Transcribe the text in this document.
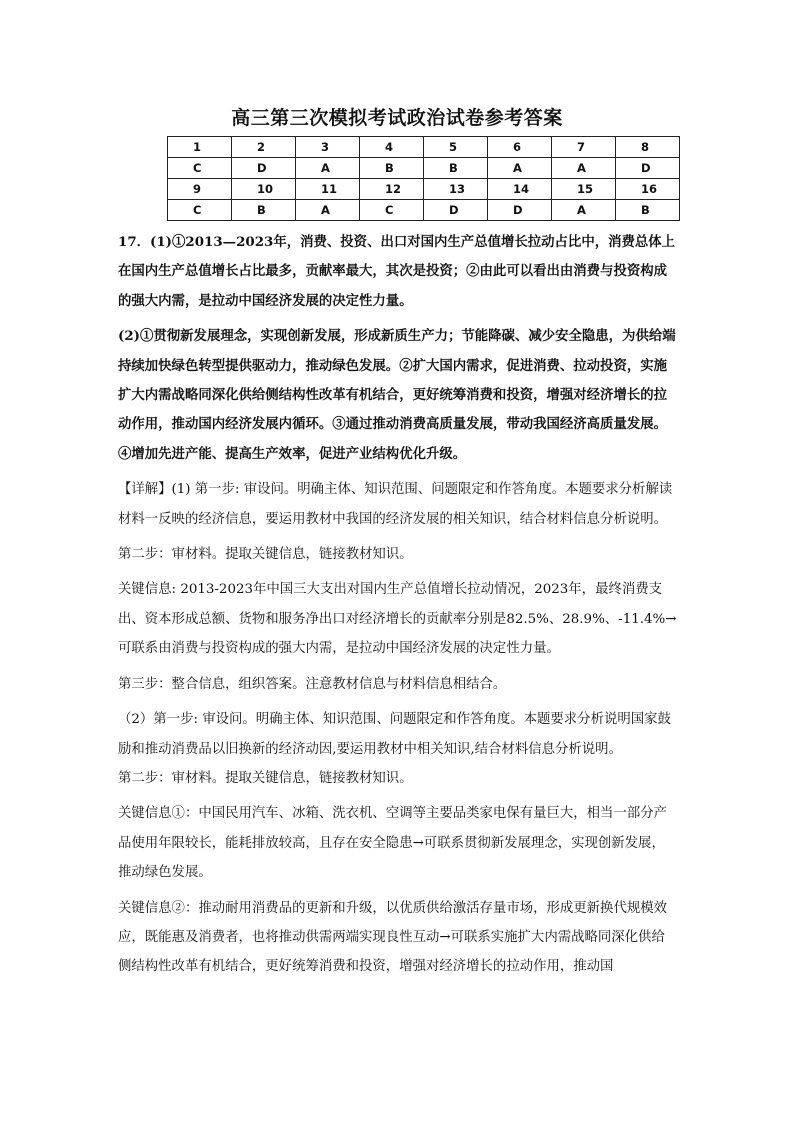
高三第三次模拟考试政治试卷参考答案
1	2	3	4	5	6	7	8
C	D	A	B	B	A	A	D
9	10	11	12	13	14	15	16
C	B	A	C	D	D	A	B

17．(1)①2013—2023年，消费、投资、出口对国内生产总值增长拉动占比中，消费总体上在国内生产总值增长占比最多，贡献率最大，其次是投资；②由此可以看出由消费与投资构成的强大内需，是拉动中国经济发展的决定性力量。

(2)①贯彻新发展理念，实现创新发展，形成新质生产力；节能降碳、减少安全隐患，为供给端持续加快绿色转型提供驱动力，推动绿色发展。②扩大国内需求，促进消费、拉动投资，实施扩大内需战略同深化供给侧结构性改革有机结合，更好统筹消费和投资，增强对经济增长的拉动作用，推动国内经济发展内循环。③通过推动消费高质量发展，带动我国经济高质量发展。④增加先进产能、提高生产效率，促进产业结构优化升级。

【详解】(1) 第一步: 审设问。明确主体、知识范围、问题限定和作答角度。本题要求分析解读材料一反映的经济信息，要运用教材中我国的经济发展的相关知识，结合材料信息分析说明。

第二步：审材料。提取关键信息，链接教材知识。

关键信息: 2013-2023年中国三大支出对国内生产总值增长拉动情况，2023年，最终消费支出、资本形成总额、货物和服务净出口对经济增长的贡献率分别是82.5%、28.9%、-11.4%→可联系由消费与投资构成的强大内需，是拉动中国经济发展的决定性力量。

第三步：整合信息，组织答案。注意教材信息与材料信息相结合。

（2）第一步: 审设问。明确主体、知识范围、问题限定和作答角度。本题要求分析说明国家鼓励和推动消费品以旧换新的经济动因,要运用教材中相关知识,结合材料信息分析说明。

第二步：审材料。提取关键信息，链接教材知识。

关键信息①：中国民用汽车、冰箱、洗衣机、空调等主要品类家电保有量巨大，相当一部分产品使用年限较长，能耗排放较高，且存在安全隐患→可联系贯彻新发展理念，实现创新发展，推动绿色发展。

关键信息②：推动耐用消费品的更新和升级，以优质供给激活存量市场，形成更新换代规模效应，既能惠及消费者，也将推动供需两端实现良性互动→可联系实施扩大内需战略同深化供给侧结构性改革有机结合，更好统筹消费和投资，增强对经济增长的拉动作用，推动国
